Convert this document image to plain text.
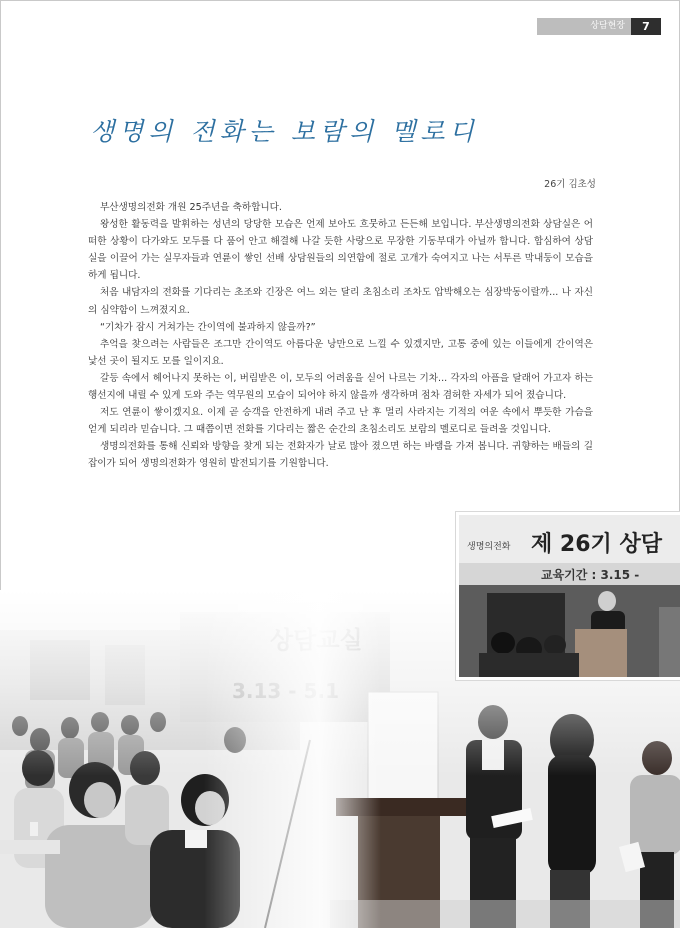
상담현장	7
생명의 전화는 보람의 멜로디
26기 김초성

부산생명의전화 개원 25주년을 축하합니다.

왕성한 활동력을 발휘하는 성년의 당당한 모습은 언제 보아도 흐뭇하고 든든해 보입니다. 부산생명의전화 상담실은 어떠한 상황이 다가와도 모두를 다 품어 안고 해결해 나갈 듯한 사랑으로 무장한 기동부대가 아닐까 합니다. 합심하여 상담실을 이끌어 가는 실무자들과 연륜이 쌓인 선배 상담원들의 의연함에 절로 고개가 숙여지고 나는 서투른 막내둥이 모습을 하게 됩니다.

처음 내담자의 전화를 기다리는 초조와 긴장은 여느 외는 달리 초침소리 조차도 압박해오는 심장박동이랄까... 나 자신의 심약함이 느껴졌지요.

“기차가 잠시 거쳐가는 간이역에 불과하지 않을까?”

추억을 찾으려는 사람들은 조그만 간이역도 아름다운 낭만으로 느낄 수 있겠지만, 고통 중에 있는 이들에게 간이역은 낯선 곳이 될지도 모를 일이지요.

갈등 속에서 헤어나지 못하는 이, 버림받은 이, 모두의 어려움을 싣어 나르는 기차... 각자의 아픔을 달래어 가고자 하는 행선지에 내릴 수 있게 도와 주는 역무원의 모습이 되어야 하지 않을까 생각하며 점차 겸허한 자세가 되어 졌습니다.

저도 연륜이 쌓이겠지요. 이제 곧 승객을 안전하게 내려 주고 난 후 멀리 사라지는 기적의 여운 속에서 뿌듯한 가슴을 얻게 되리라 믿습니다. 그 때쯤이면 전화를 기다리는 짧은 순간의 초침소리도 보람의 멜로디로 들려올 것입니다.

생명의전화를 통해 신뢰와 방향을 찾게 되는 전화자가 날로 많아 졌으면 하는 바램을 가져 봅니다. 귀향하는 배들의 길잡이가 되어 생명의전화가 영원히 발전되기를 기원합니다.

생명의전화 제 26기 상담
교육기간 : 3.15 -
